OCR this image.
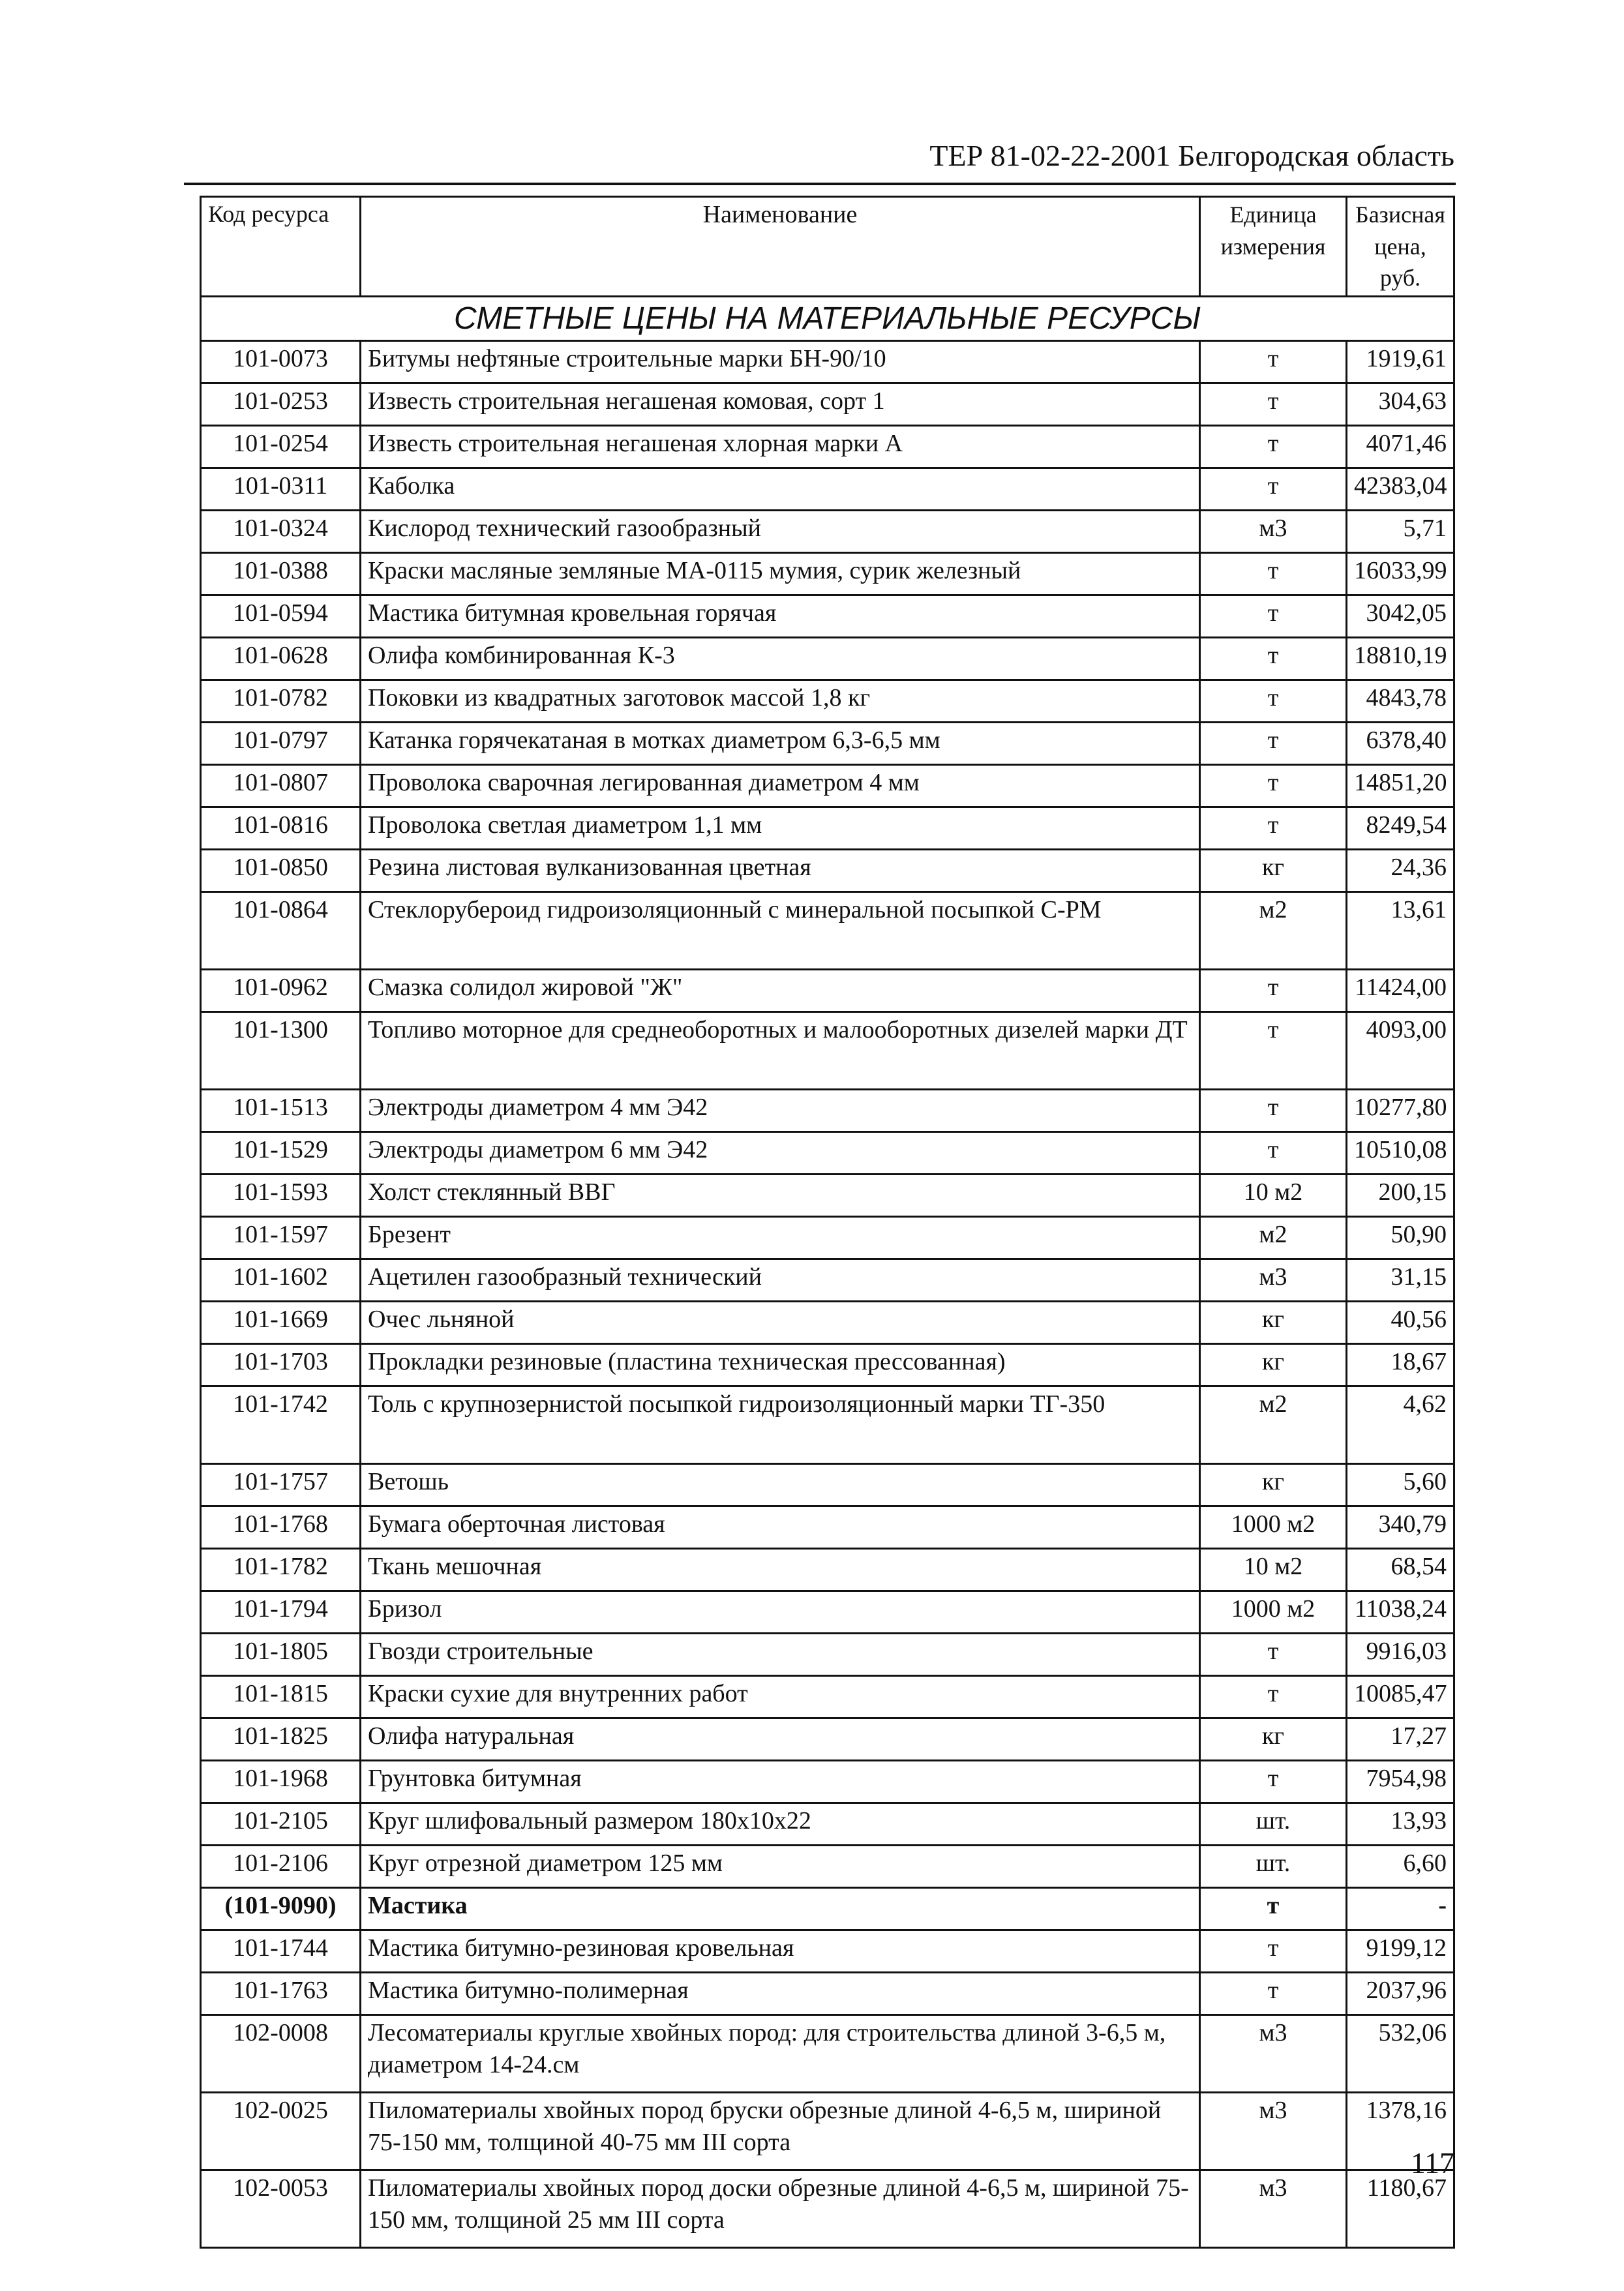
ТЕР 81-02-22-2001 Белгородская область
Код ресурса	Наименование	Единица измерения	Базисная цена, руб.
СМЕТНЫЕ ЦЕНЫ НА МАТЕРИАЛЬНЫЕ РЕСУРСЫ			
101-0073	Битумы нефтяные строительные марки БН-90/10	т	1919,61
101-0253	Известь строительная негашеная комовая, сорт 1	т	304,63
101-0254	Известь строительная негашеная хлорная марки А	т	4071,46
101-0311	Каболка	т	42383,04
101-0324	Кислород технический газообразный	м3	5,71
101-0388	Краски масляные земляные МА-0115 мумия, сурик железный	т	16033,99
101-0594	Мастика битумная кровельная горячая	т	3042,05
101-0628	Олифа комбинированная К-3	т	18810,19
101-0782	Поковки из квадратных заготовок массой 1,8 кг	т	4843,78
101-0797	Катанка горячекатаная в мотках диаметром 6,3-6,5 мм	т	6378,40
101-0807	Проволока сварочная легированная диаметром 4 мм	т	14851,20
101-0816	Проволока светлая диаметром 1,1 мм	т	8249,54
101-0850	Резина листовая вулканизованная цветная	кг	24,36
101-0864	Стеклорубероид гидроизоляционный с минеральной посыпкой С-РМ	м2	13,61
101-0962	Смазка солидол жировой "Ж"	т	11424,00
101-1300	Топливо моторное для среднеоборотных и малооборотных дизелей марки ДТ	т	4093,00
101-1513	Электроды диаметром 4 мм Э42	т	10277,80
101-1529	Электроды диаметром 6 мм Э42	т	10510,08
101-1593	Холст стеклянный ВВГ	10 м2	200,15
101-1597	Брезент	м2	50,90
101-1602	Ацетилен газообразный технический	м3	31,15
101-1669	Очес льняной	кг	40,56
101-1703	Прокладки резиновые (пластина техническая прессованная)	кг	18,67
101-1742	Толь с крупнозернистой посыпкой гидроизоляционный марки ТГ-350	м2	4,62
101-1757	Ветошь	кг	5,60
101-1768	Бумага оберточная листовая	1000 м2	340,79
101-1782	Ткань мешочная	10 м2	68,54
101-1794	Бризол	1000 м2	11038,24
101-1805	Гвозди строительные	т	9916,03
101-1815	Краски сухие для внутренних работ	т	10085,47
101-1825	Олифа натуральная	кг	17,27
101-1968	Грунтовка битумная	т	7954,98
101-2105	Круг шлифовальный размером 180х10х22	шт.	13,93
101-2106	Круг отрезной диаметром 125 мм	шт.	6,60
(101-9090)	Мастика	т	-
101-1744	Мастика битумно-резиновая кровельная	т	9199,12
101-1763	Мастика битумно-полимерная	т	2037,96
102-0008	Лесоматериалы круглые хвойных пород: для строительства длиной 3-6,5 м, диаметром 14-24.см	м3	532,06
102-0025	Пиломатериалы хвойных пород бруски обрезные длиной 4-6,5 м, шириной 75-150 мм, толщиной 40-75 мм III сорта	м3	1378,16
102-0053	Пиломатериалы хвойных пород доски обрезные длиной 4-6,5 м, шириной 75-150 мм, толщиной 25 мм III сорта	м3	1180,67
117
